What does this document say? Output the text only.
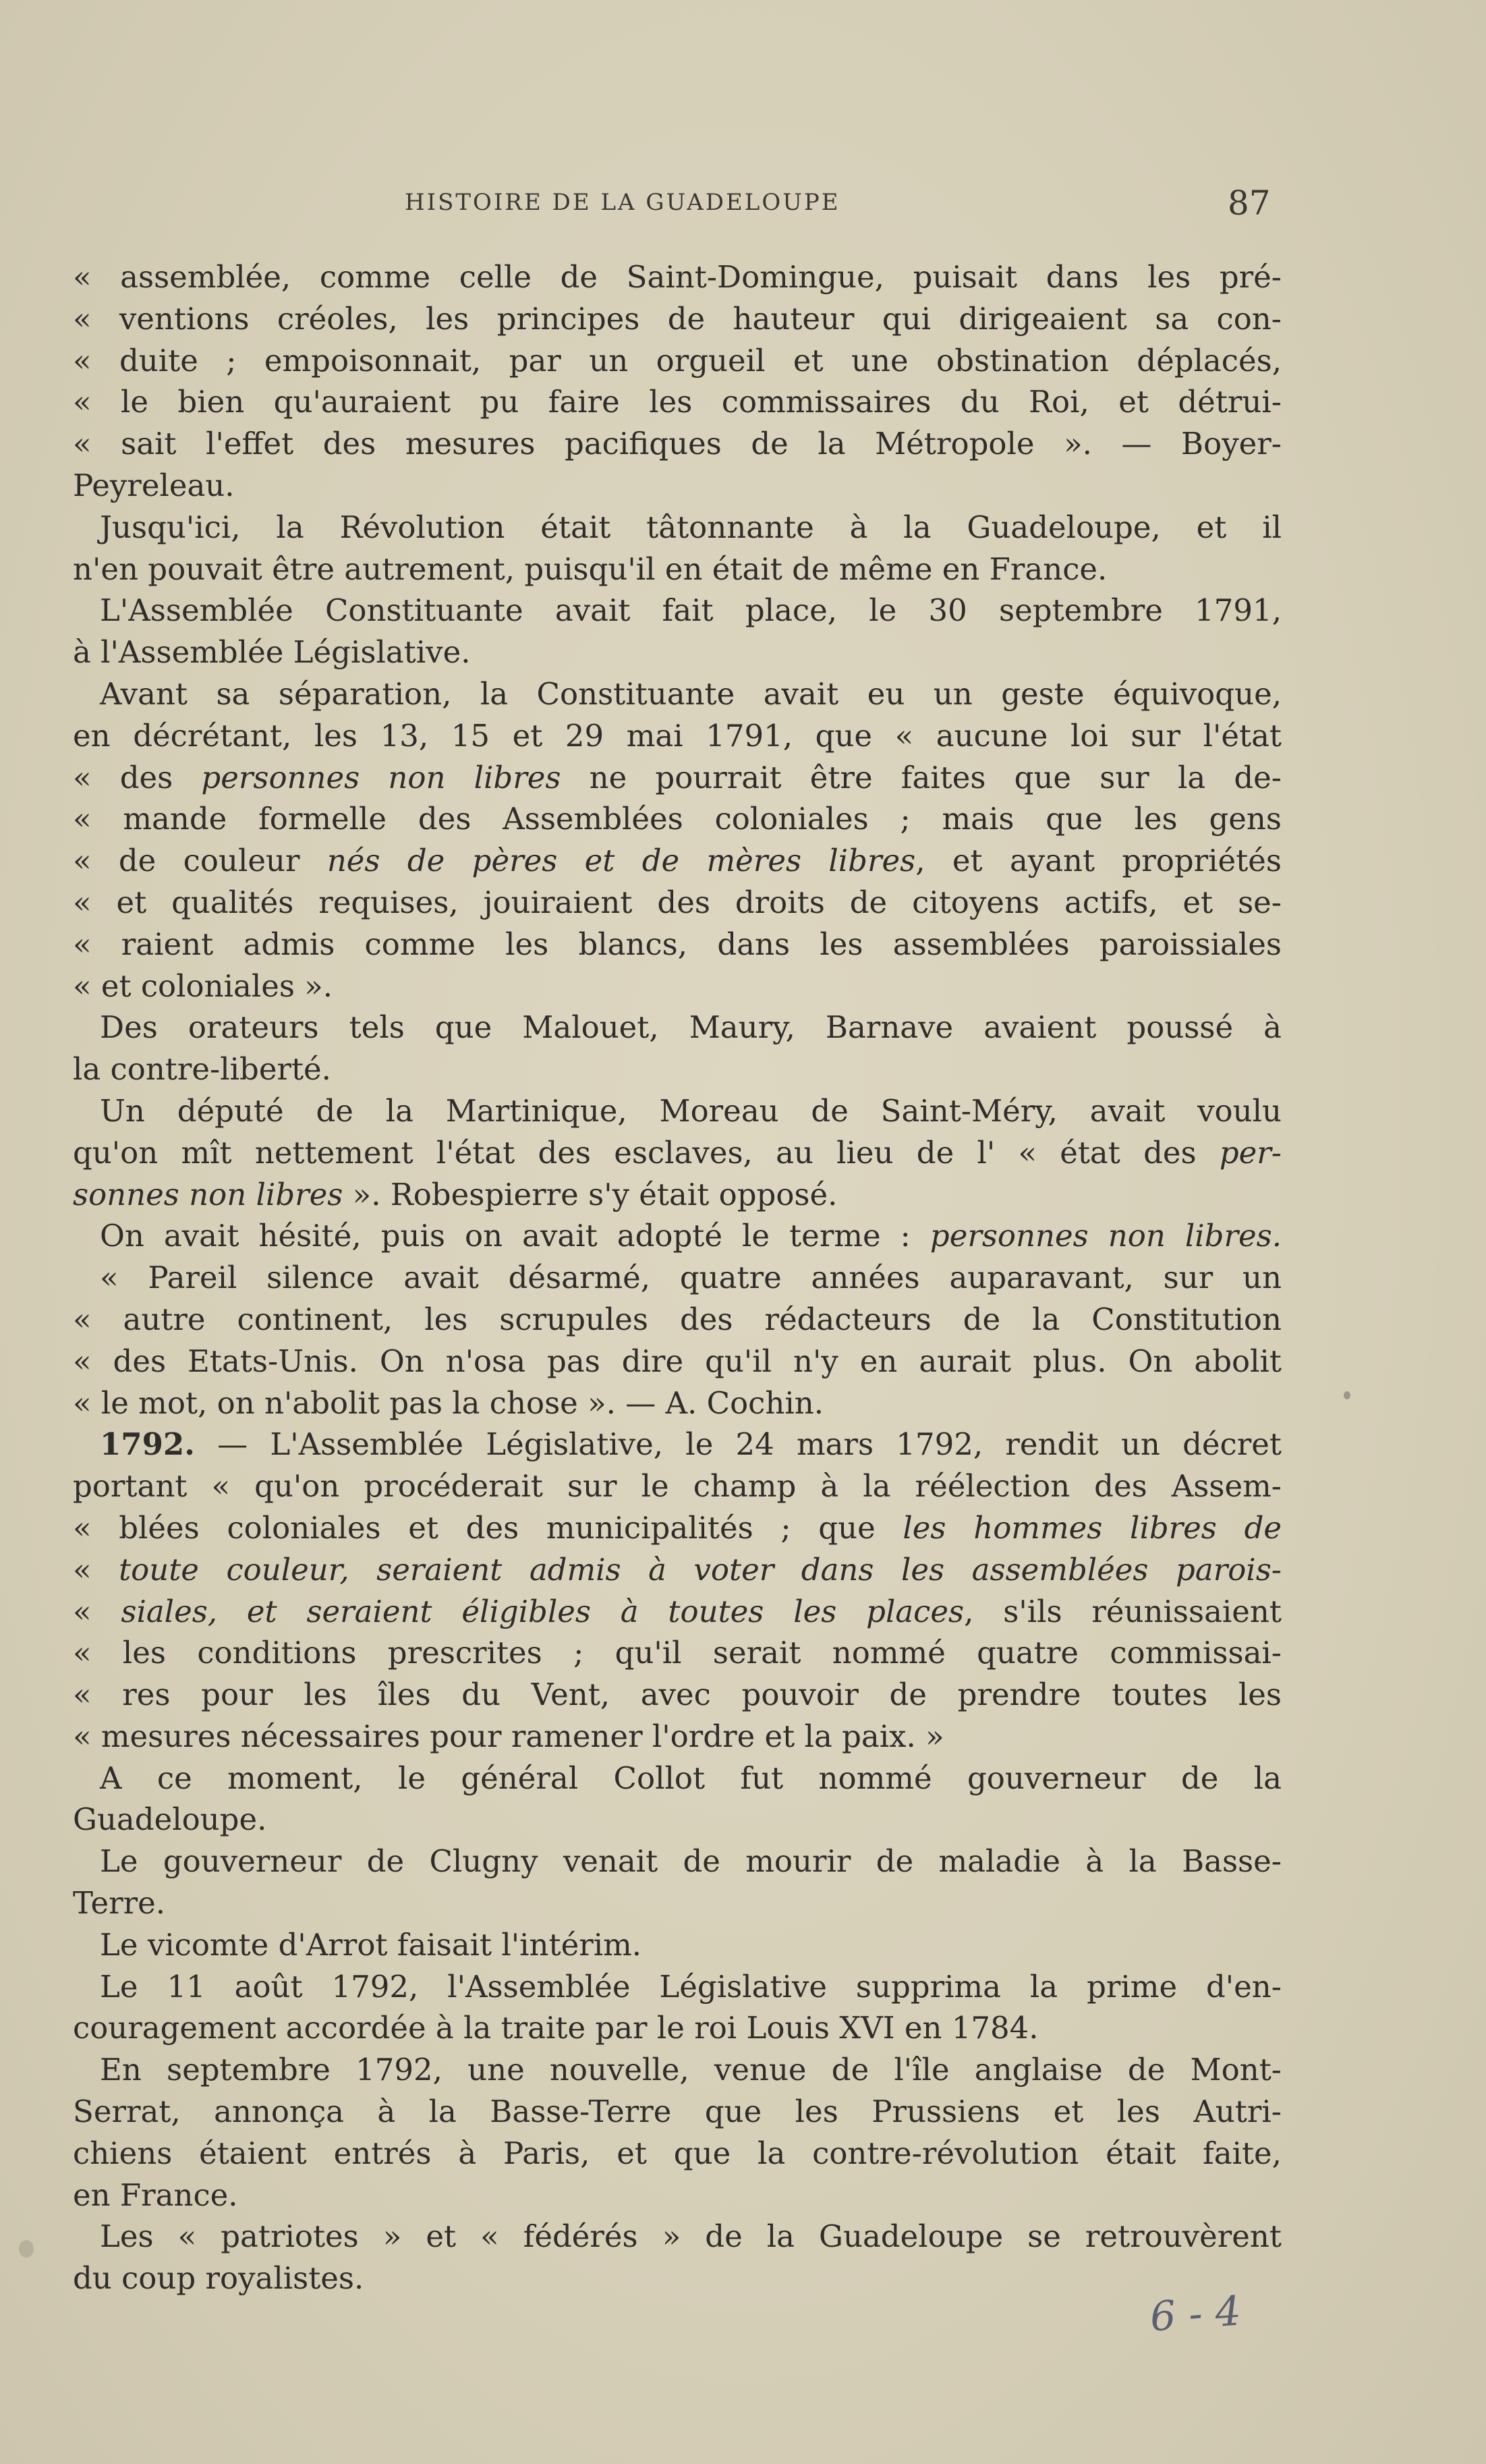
HISTOIRE DE LA GUADELOUPE	87
« assemblée, comme celle de Saint-Domingue, puisait dans les pré-
« ventions créoles, les principes de hauteur qui dirigeaient sa con-
« duite ; empoisonnait, par un orgueil et une obstination déplacés,
« le bien qu'auraient pu faire les commissaires du Roi, et détrui-
« sait l'effet des mesures pacifiques de la Métropole ». — Boyer-
Peyreleau.
Jusqu'ici, la Révolution était tâtonnante à la Guadeloupe, et il
n'en pouvait être autrement, puisqu'il en était de même en France.
L'Assemblée Constituante avait fait place, le 30 septembre 1791,
à l'Assemblée Législative.
Avant sa séparation, la Constituante avait eu un geste équivoque,
en décrétant, les 13, 15 et 29 mai 1791, que « aucune loi sur l'état
« des personnes non libres ne pourrait être faites que sur la de-
« mande formelle des Assemblées coloniales ; mais que les gens
« de couleur nés de pères et de mères libres, et ayant propriétés
« et qualités requises, jouiraient des droits de citoyens actifs, et se-
« raient admis comme les blancs, dans les assemblées paroissiales
« et coloniales ».
Des orateurs tels que Malouet, Maury, Barnave avaient poussé à
la contre-liberté.
Un député de la Martinique, Moreau de Saint-Méry, avait voulu
qu'on mît nettement l'état des esclaves, au lieu de l' « état des per-
sonnes non libres ». Robespierre s'y était opposé.
On avait hésité, puis on avait adopté le terme : personnes non libres.
« Pareil silence avait désarmé, quatre années auparavant, sur un
« autre continent, les scrupules des rédacteurs de la Constitution
« des Etats-Unis. On n'osa pas dire qu'il n'y en aurait plus. On abolit
« le mot, on n'abolit pas la chose ». — A. Cochin.
1792. — L'Assemblée Législative, le 24 mars 1792, rendit un décret
portant « qu'on procéderait sur le champ à la réélection des Assem-
« blées coloniales et des municipalités ; que les hommes libres de
« toute couleur, seraient admis à voter dans les assemblées parois-
« siales, et seraient éligibles à toutes les places, s'ils réunissaient
« les conditions prescrites ; qu'il serait nommé quatre commissai-
« res pour les îles du Vent, avec pouvoir de prendre toutes les
« mesures nécessaires pour ramener l'ordre et la paix. »
A ce moment, le général Collot fut nommé gouverneur de la
Guadeloupe.
Le gouverneur de Clugny venait de mourir de maladie à la Basse-
Terre.
Le vicomte d'Arrot faisait l'intérim.
Le 11 août 1792, l'Assemblée Législative supprima la prime d'en-
couragement accordée à la traite par le roi Louis XVI en 1784.
En septembre 1792, une nouvelle, venue de l'île anglaise de Mont-
Serrat, annonça à la Basse-Terre que les Prussiens et les Autri-
chiens étaient entrés à Paris, et que la contre-révolution était faite,
en France.
Les « patriotes » et « fédérés » de la Guadeloupe se retrouvèrent
du coup royalistes.
6 - 4
